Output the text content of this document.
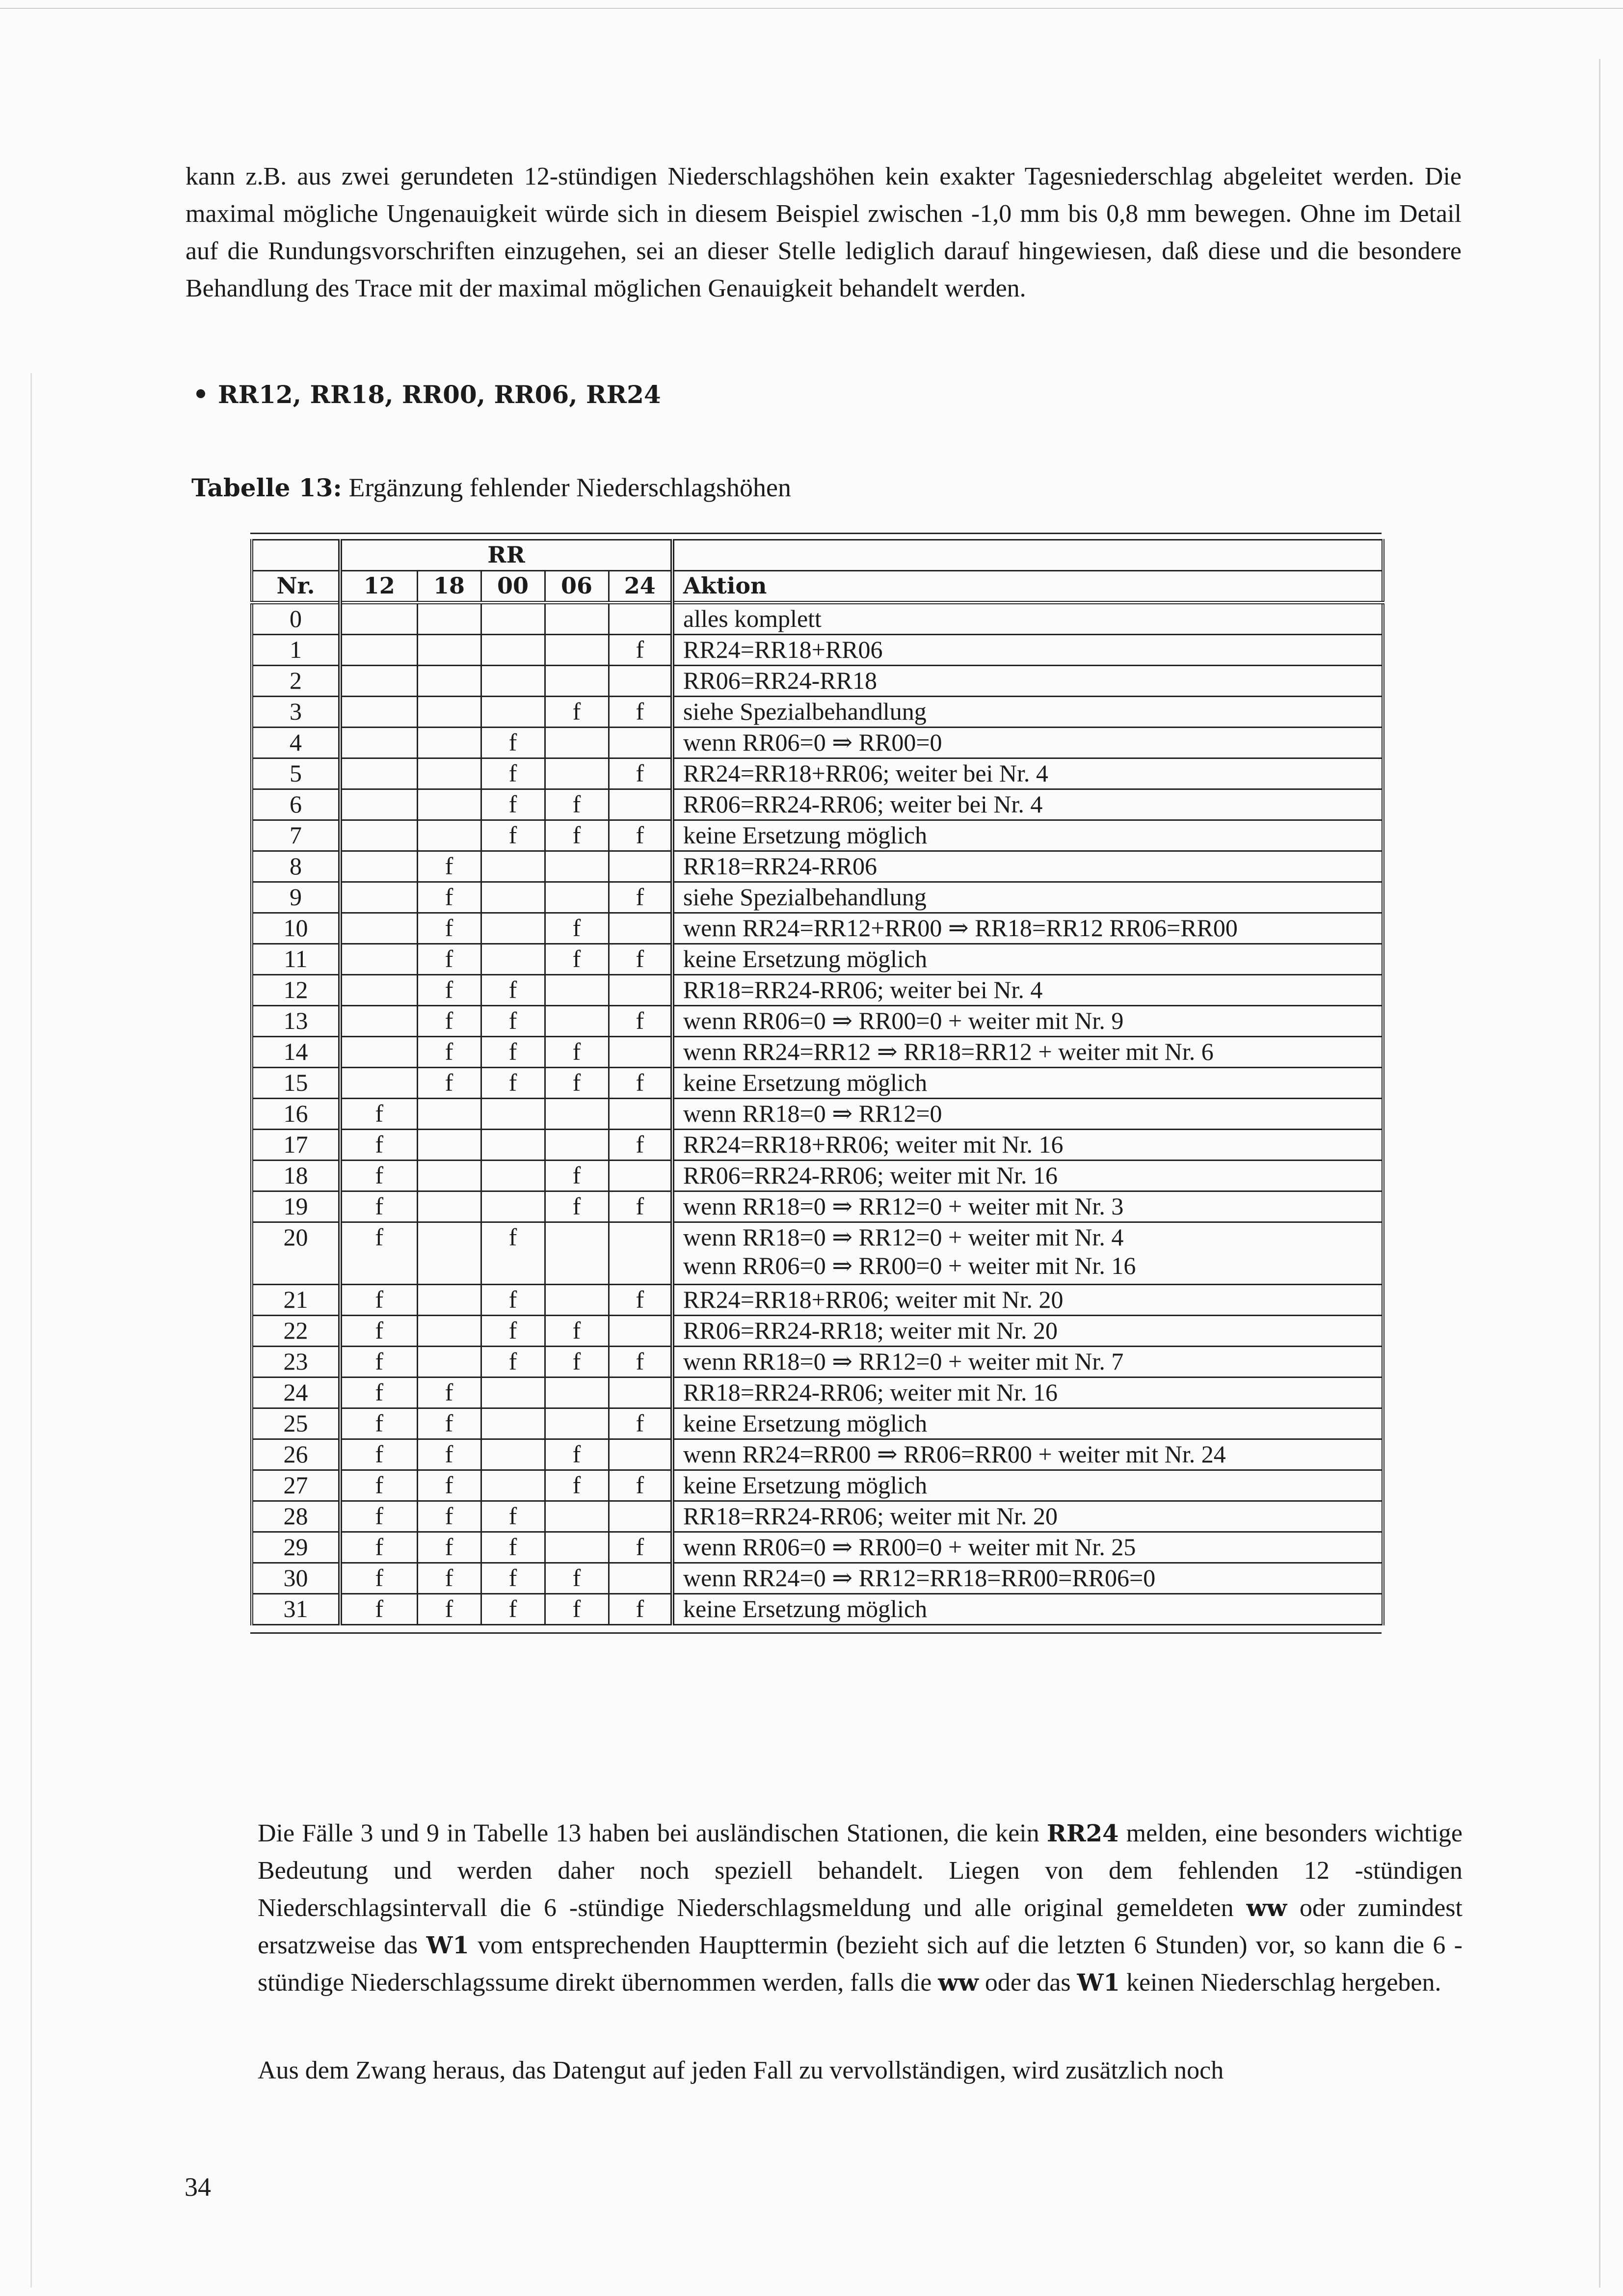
kann z.B. aus zwei gerundeten 12-stündigen Niederschlagshöhen kein exakter Tagesniederschlag abgeleitet werden. Die maximal mögliche Ungenauigkeit würde sich in diesem Beispiel zwischen -1,0 mm bis 0,8 mm bewegen. Ohne im Detail auf die Rundungsvorschriften einzugehen, sei an dieser Stelle lediglich darauf hingewiesen, daß diese und die besondere Behandlung des Trace mit der maximal möglichen Genauigkeit behandelt werden.

RR12, RR18, RR00, RR06, RR24

Tabelle 13: Ergänzung fehlender Niederschlagshöhen

	RR					
Nr.	12	18	00	06	24	Aktion
0						alles komplett

1					f	RR24=RR18+RR06

2						RR06=RR24-RR18

3				f	f	siehe Spezialbehandlung

4			f			wenn RR06=0 ⇒ RR00=0

5			f		f	RR24=RR18+RR06; weiter bei Nr. 4

6			f	f		RR06=RR24-RR06; weiter bei Nr. 4

7			f	f	f	keine Ersetzung möglich

8		f				RR18=RR24-RR06

9		f			f	siehe Spezialbehandlung

10		f		f		wenn RR24=RR12+RR00 ⇒ RR18=RR12 RR06=RR00

11		f		f	f	keine Ersetzung möglich

12		f	f			RR18=RR24-RR06; weiter bei Nr. 4

13		f	f		f	wenn RR06=0 ⇒ RR00=0 + weiter mit Nr. 9

14		f	f	f		wenn RR24=RR12 ⇒ RR18=RR12 + weiter mit Nr. 6

15		f	f	f	f	keine Ersetzung möglich

16	f					wenn RR18=0 ⇒ RR12=0

17	f				f	RR24=RR18+RR06; weiter mit Nr. 16

18	f			f		RR06=RR24-RR06; weiter mit Nr. 16

19	f			f	f	wenn RR18=0 ⇒ RR12=0 + weiter mit Nr. 3

20	f		f			wenn RR18=0 ⇒ RR12=0 + weiter mit Nr. 4
wenn RR06=0 ⇒ RR00=0 + weiter mit Nr. 16

21	f		f		f	RR24=RR18+RR06; weiter mit Nr. 20

22	f		f	f		RR06=RR24-RR18; weiter mit Nr. 20

23	f		f	f	f	wenn RR18=0 ⇒ RR12=0 + weiter mit Nr. 7

24	f	f				RR18=RR24-RR06; weiter mit Nr. 16

25	f	f			f	keine Ersetzung möglich

26	f	f		f		wenn RR24=RR00 ⇒ RR06=RR00 + weiter mit Nr. 24

27	f	f		f	f	keine Ersetzung möglich

28	f	f	f			RR18=RR24-RR06; weiter mit Nr. 20

29	f	f	f		f	wenn RR06=0 ⇒ RR00=0 + weiter mit Nr. 25

30	f	f	f	f		wenn RR24=0 ⇒ RR12=RR18=RR00=RR06=0

31	f	f	f	f	f	keine Ersetzung möglich

Die Fälle 3 und 9 in Tabelle 13 haben bei ausländischen Stationen, die kein RR24 melden, eine besonders wichtige Bedeutung und werden daher noch speziell behandelt. Liegen von dem fehlenden 12 -stündigen Niederschlagsintervall die 6 -stündige Niederschlagsmeldung und alle original gemeldeten ww oder zumindest ersatzweise das W1 vom entsprechenden Haupttermin (bezieht sich auf die letzten 6 Stunden) vor, so kann die 6 -stündige Niederschlagssume direkt übernommen werden, falls die ww oder das W1 keinen Niederschlag hergeben.

Aus dem Zwang heraus, das Datengut auf jeden Fall zu vervollständigen, wird zusätzlich noch

34
